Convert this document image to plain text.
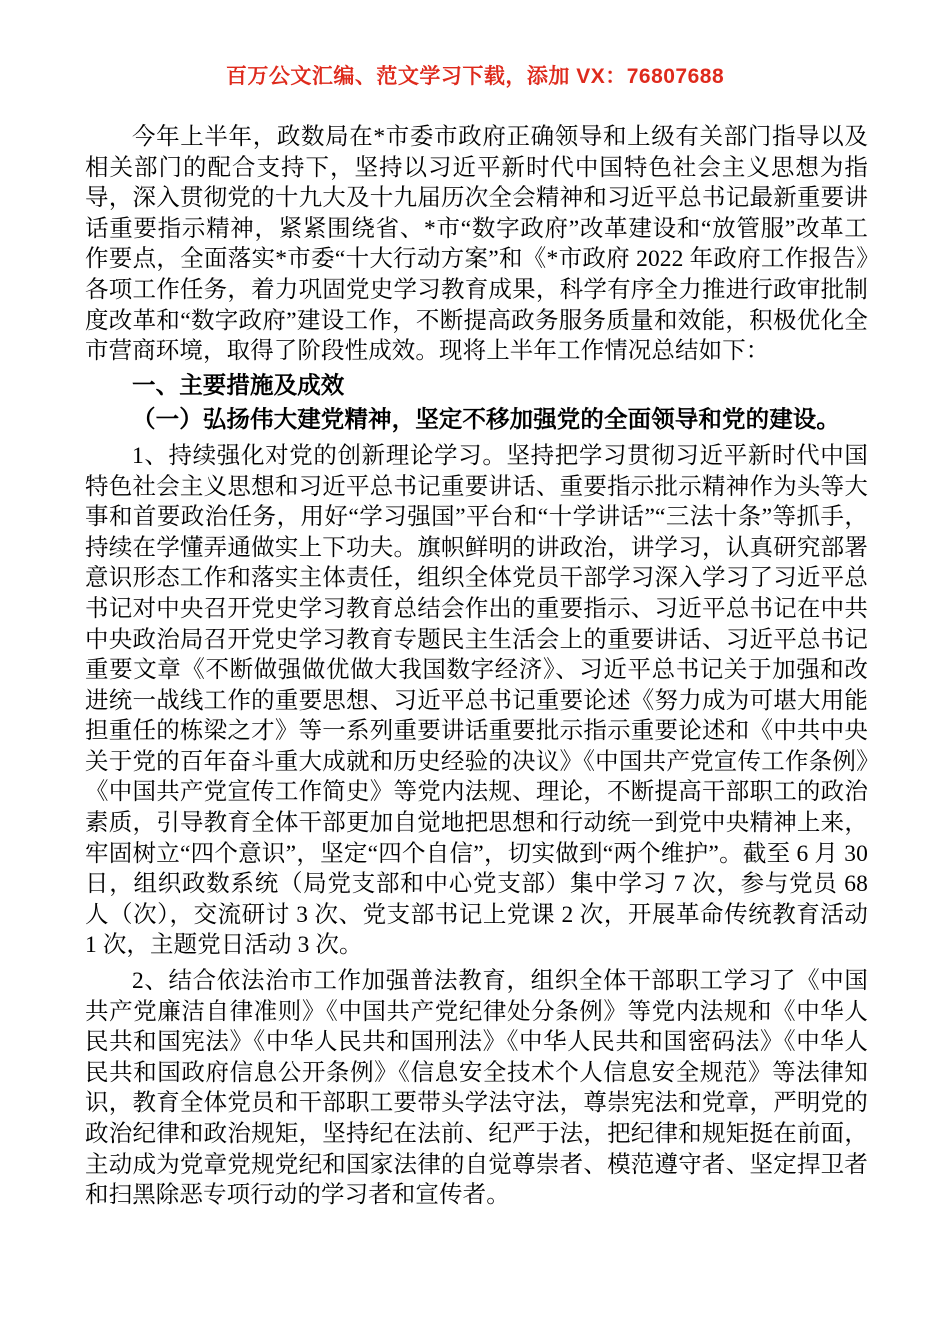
百万公文汇编、范文学习下载，添加 VX：76807688

今年上半年，政数局在*市委市政府正确领导和上级有关部门指导以及相关部门的配合支持下，坚持以习近平新时代中国特色社会主义思想为指导，深入贯彻党的十九大及十九届历次全会精神和习近平总书记最新重要讲话重要指示精神，紧紧围绕省、*市“数字政府”改革建设和“放管服”改革工作要点，全面落实*市委“十大行动方案”和《*市政府 2022 年政府工作报告》各项工作任务，着力巩固党史学习教育成果，科学有序全力推进行政审批制度改革和“数字政府”建设工作，不断提高政务服务质量和效能，积极优化全市营商环境，取得了阶段性成效。现将上半年工作情况总结如下：

一、主要措施及成效

（一）弘扬伟大建党精神，坚定不移加强党的全面领导和党的建设。

1、持续强化对党的创新理论学习。坚持把学习贯彻习近平新时代中国特色社会主义思想和习近平总书记重要讲话、重要指示批示精神作为头等大事和首要政治任务，用好“学习强国”平台和“十学讲话”“三法十条”等抓手，持续在学懂弄通做实上下功夫。旗帜鲜明的讲政治，讲学习，认真研究部署意识形态工作和落实主体责任，组织全体党员干部学习深入学习了习近平总书记对中央召开党史学习教育总结会作出的重要指示、习近平总书记在中共中央政治局召开党史学习教育专题民主生活会上的重要讲话、习近平总书记重要文章《不断做强做优做大我国数字经济》、习近平总书记关于加强和改进统一战线工作的重要思想、习近平总书记重要论述《努力成为可堪大用能担重任的栋梁之才》等一系列重要讲话重要批示指示重要论述和《中共中央关于党的百年奋斗重大成就和历史经验的决议》《中国共产党宣传工作条例》《中国共产党宣传工作简史》等党内法规、理论，不断提高干部职工的政治素质，引导教育全体干部更加自觉地把思想和行动统一到党中央精神上来，牢固树立“四个意识”，坚定“四个自信”，切实做到“两个维护”。截至 6 月 30 日，组织政数系统（局党支部和中心党支部）集中学习 7 次，参与党员 68 人（次），交流研讨 3 次、党支部书记上党课 2 次，开展革命传统教育活动 1 次，主题党日活动 3 次。

2、结合依法治市工作加强普法教育，组织全体干部职工学习了《中国共产党廉洁自律准则》《中国共产党纪律处分条例》等党内法规和《中华人民共和国宪法》《中华人民共和国刑法》《中华人民共和国密码法》《中华人民共和国政府信息公开条例》《信息安全技术个人信息安全规范》等法律知识，教育全体党员和干部职工要带头学法守法，尊崇宪法和党章，严明党的政治纪律和政治规矩，坚持纪在法前、纪严于法，把纪律和规矩挺在前面，主动成为党章党规党纪和国家法律的自觉尊崇者、模范遵守者、坚定捍卫者和扫黑除恶专项行动的学习者和宣传者。
